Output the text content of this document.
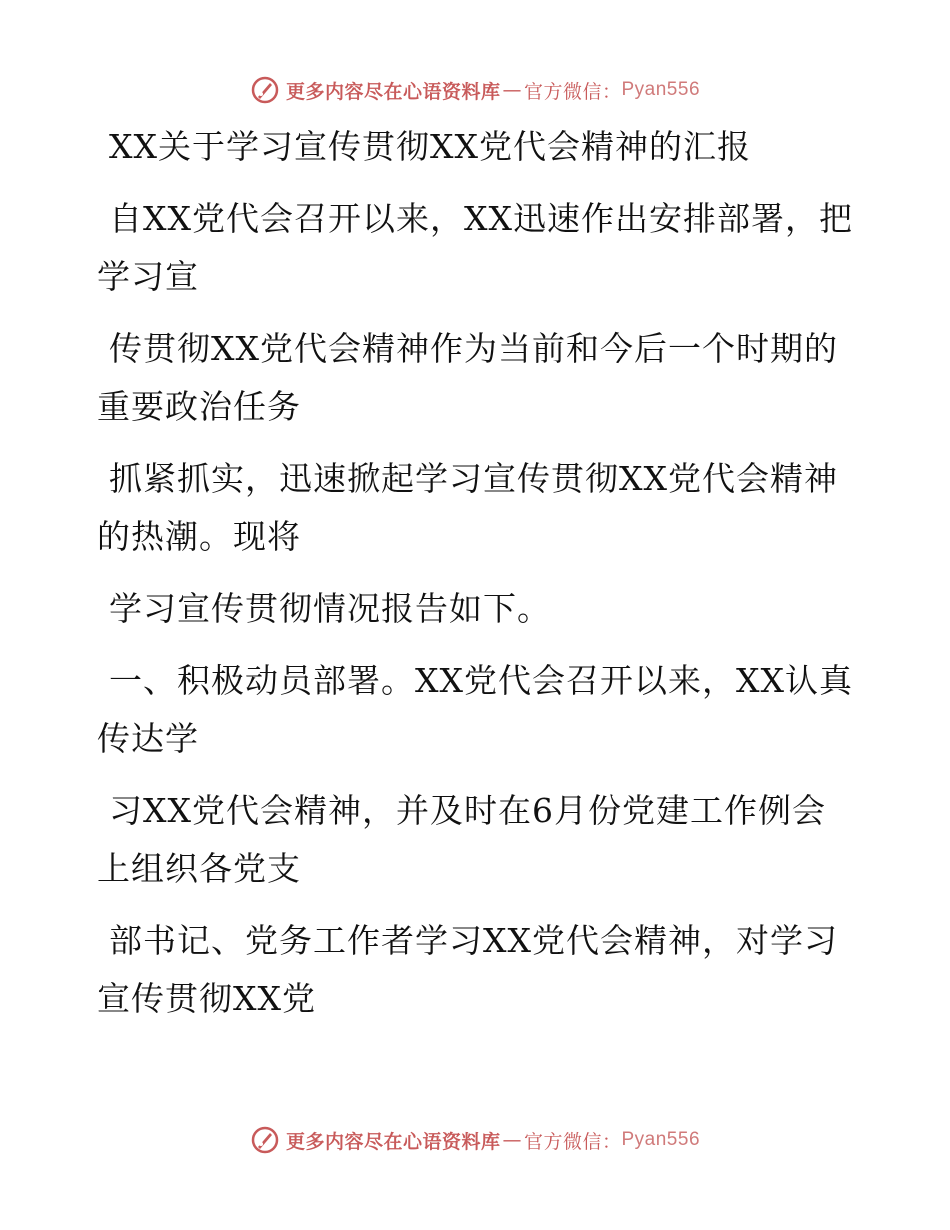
更多内容尽在心语资料库 — 官方微信： Pyan556
XX关于学习宣传贯彻XX党代会精神的汇报
自XX党代会召开以来，XX迅速作出安排部署，把
学习宣
传贯彻XX党代会精神作为当前和今后一个时期的
重要政治任务
抓紧抓实，迅速掀起学习宣传贯彻XX党代会精神
的热潮。现将
学习宣传贯彻情况报告如下。
一、积极动员部署。XX党代会召开以来，XX认真
传达学
习XX党代会精神，并及时在6月份党建工作例会
上组织各党支
部书记、党务工作者学习XX党代会精神，对学习
宣传贯彻XX党
更多内容尽在心语资料库 — 官方微信： Pyan556
